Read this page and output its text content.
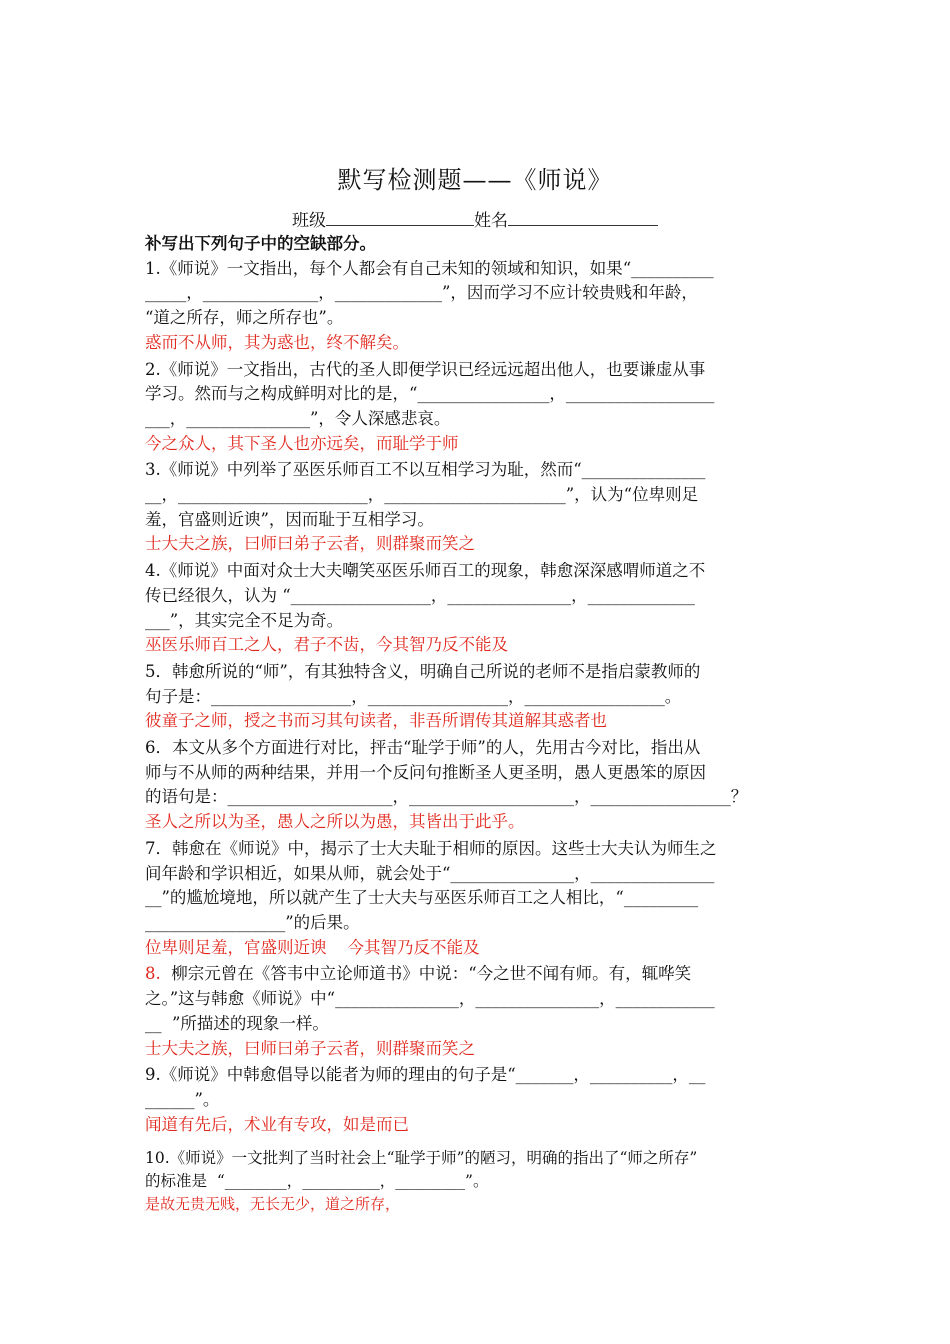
默写检测题——《师说》
班级	姓名
补写出下列句子中的空缺部分。

1.《师说》一文指出，每个人都会有自己未知的领域和知识，如果“__________
_____，______________，_____________”，因而学习不应计较贵贱和年龄，
“道之所存，师之所存也”。

惑而不从师，其为惑也，终不解矣。

2.《师说》一文指出，古代的圣人即便学识已经远远超出他人，也要谦虚从事
学习。然而与之构成鲜明对比的是，“________________，__________________
___，_______________”，令人深感悲哀。

今之众人，其下圣人也亦远矣，而耻学于师

3.《师说》中列举了巫医乐师百工不以互相学习为耻，然而“_______________
__，_______________________，______________________”，认为“位卑则足
羞，官盛则近谀”，因而耻于互相学习。

士大夫之族，曰师曰弟子云者，则群聚而笑之

4.《师说》中面对众士大夫嘲笑巫医乐师百工的现象，韩愈深深感喟师道之不
传已经很久，认为 “_________________，_______________，_____________
___”，其实完全不足为奇。

巫医乐师百工之人，君子不齿，今其智乃反不能及

5．韩愈所说的“师”，有其独特含义，明确自己所说的老师不是指启蒙教师的
句子是：_________________，_________________，_________________。

彼童子之师，授之书而习其句读者，非吾所谓传其道解其惑者也

6．本文从多个方面进行对比，抨击“耻学于师”的人，先用古今对比，指出从
师与不从师的两种结果，并用一个反问句推断圣人更圣明，愚人更愚笨的原因
的语句是：____________________，____________________，_________________？

圣人之所以为圣，愚人之所以为愚，其皆出于此乎。

7．韩愈在《师说》中，揭示了士大夫耻于相师的原因。这些士大夫认为师生之
间年龄和学识相近，如果从师，就会处于“_______________，_______________
__”的尴尬境地，所以就产生了士大夫与巫医乐师百工之人相比，“_________
_________________”的后果。

位卑则足羞，官盛则近谀    今其智乃反不能及

8.  柳宗元曾在《答韦中立论师道书》中说：“今之世不闻有师。有，辄哗笑
之。”这与韩愈《师说》中“_______________，_______________，____________
__  ”所描述的现象一样。

士大夫之族，曰师曰弟子云者，则群聚而笑之

9.《师说》中韩愈倡导以能者为师的理由的句子是“_______，__________，__
______”。

闻道有先后，术业有专攻，如是而已

10.《师说》一文批判了当时社会上“耻学于师”的陋习，明确的指出了“师之所存”
的标准是  “________，__________，_________”。

是故无贵无贱，无长无少，道之所存，
